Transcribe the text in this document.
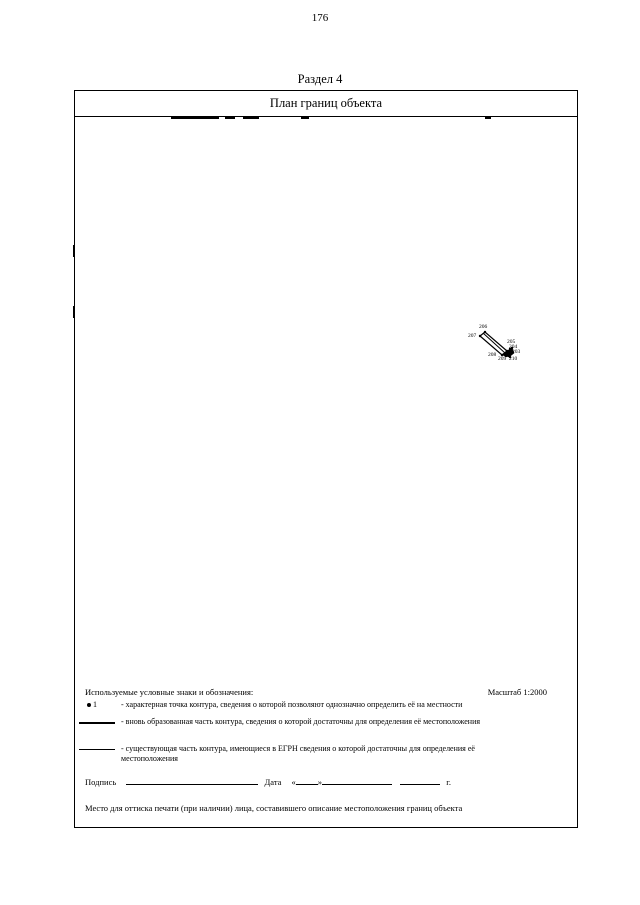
176
Раздел 4
План границ объекта
206
207
205
204
203
208
209 210
Используемые условные знаки и обозначения:	Масштаб 1:2000
1	- характерная точка контура, сведения о которой позволяют однозначно определить её на местности
- вновь образованная часть контура, сведения о которой достаточны для определения её местоположения
- существующая часть контура, имеющиеся в ЕГРН сведения о которой достаточны для определения её местоположения
Подпись	Дата «	»	г.
Место для оттиска печати (при наличии) лица, составившего описание местоположения границ объекта
